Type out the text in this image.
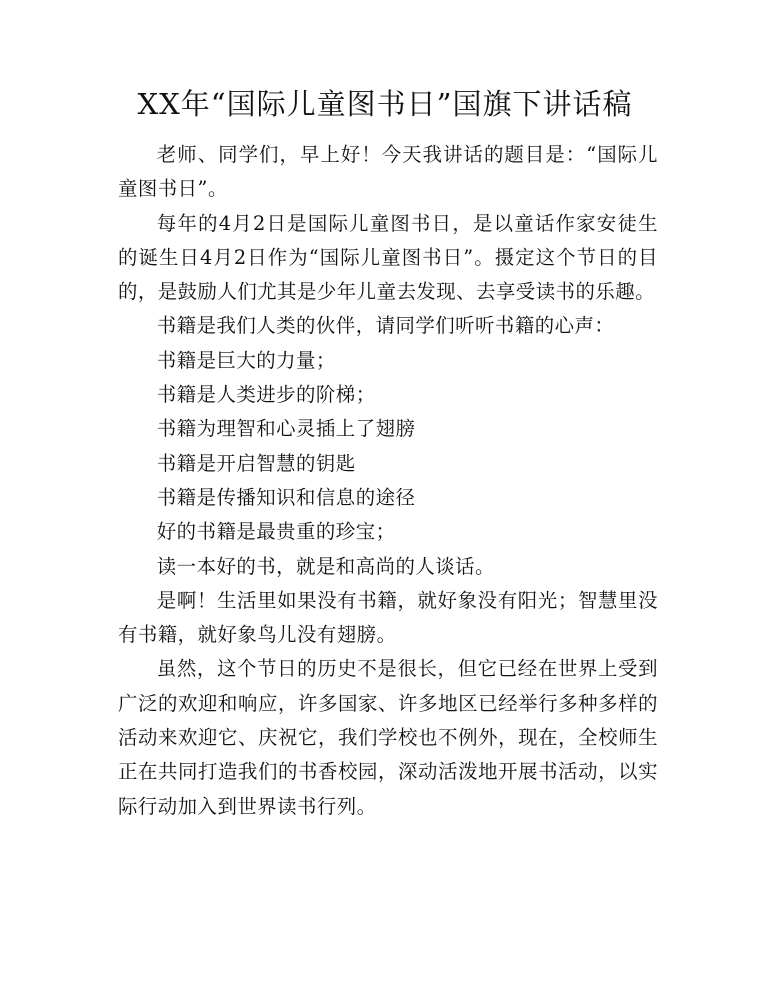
XX年“国际儿童图书日”国旗下讲话稿

老师、同学们，早上好！今天我讲话的题目是：“国际儿童图书日”。

每年的4月2日是国际儿童图书日，是以童话作家安徒生的诞生日4月2日作为“国际儿童图书日”。摄定这个节日的目的，是鼓励人们尤其是少年儿童去发现、去享受读书的乐趣。

书籍是我们人类的伙伴，请同学们听听书籍的心声：

书籍是巨大的力量；

书籍是人类进步的阶梯；

书籍为理智和心灵插上了翅膀

书籍是开启智慧的钥匙

书籍是传播知识和信息的途径

好的书籍是最贵重的珍宝；

读一本好的书，就是和高尚的人谈话。

是啊！生活里如果没有书籍，就好象没有阳光；智慧里没有书籍，就好象鸟儿没有翅膀。

虽然，这个节日的历史不是很长，但它已经在世界上受到广泛的欢迎和响应，许多国家、许多地区已经举行多种多样的活动来欢迎它、庆祝它，我们学校也不例外，现在，全校师生正在共同打造我们的书香校园，深动活泼地开展书活动，以实际行动加入到世界读书行列。
